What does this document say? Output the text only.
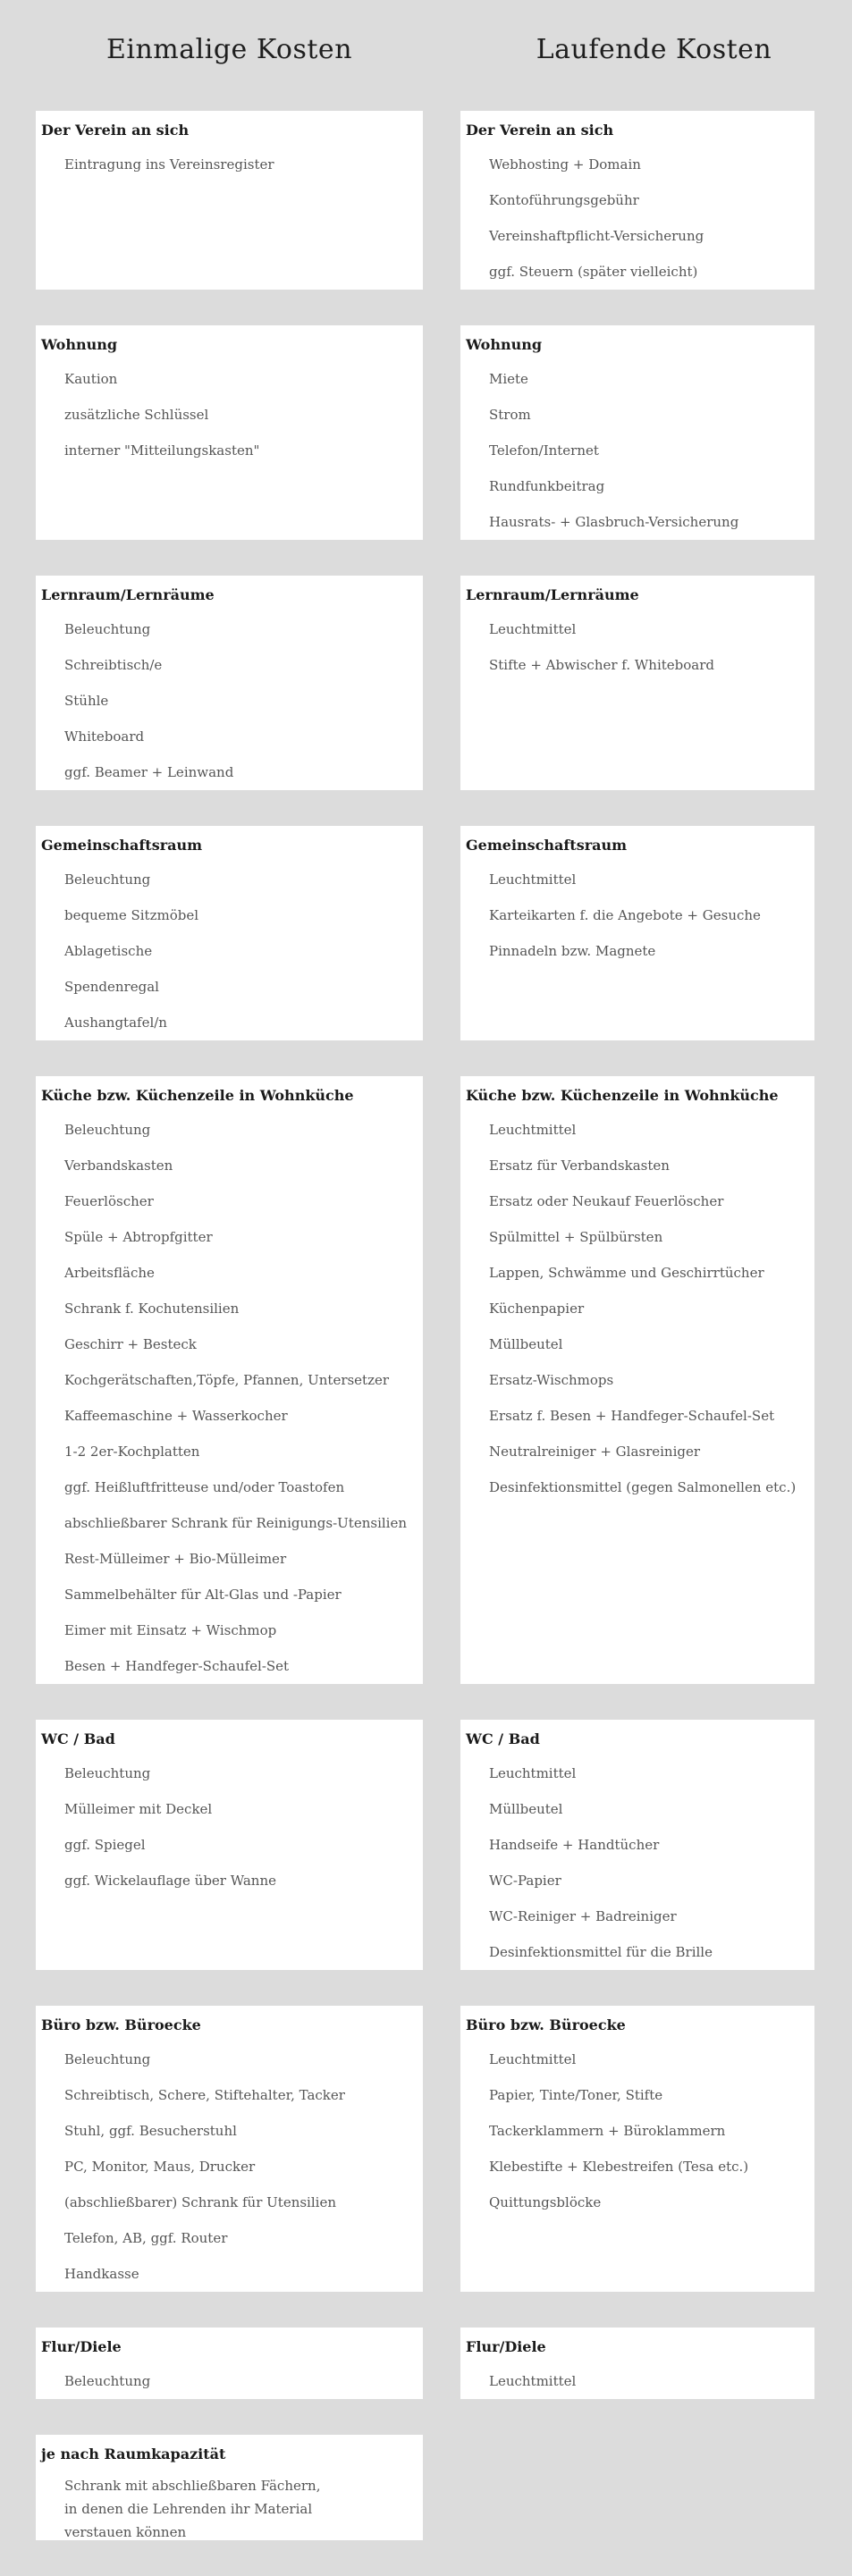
Einmalige Kosten	Laufende Kosten
Der Verein an sich
Eintragung ins Vereinsregister
Der Verein an sich
Webhosting + Domain
Kontoführungsgebühr
Vereinshaftpflicht-Versicherung
ggf. Steuern (später vielleicht)
Wohnung
Kaution
zusätzliche Schlüssel
interner "Mitteilungskasten"
Wohnung
Miete
Strom
Telefon/Internet
Rundfunkbeitrag
Hausrats- + Glasbruch-Versicherung
Lernraum/Lernräume
Beleuchtung
Schreibtisch/e
Stühle
Whiteboard
ggf. Beamer + Leinwand
Lernraum/Lernräume
Leuchtmittel
Stifte + Abwischer f. Whiteboard
Gemeinschaftsraum
Beleuchtung
bequeme Sitzmöbel
Ablagetische
Spendenregal
Aushangtafel/n
Gemeinschaftsraum
Leuchtmittel
Karteikarten f. die Angebote + Gesuche
Pinnadeln bzw. Magnete
Küche bzw. Küchenzeile in Wohnküche
Beleuchtung
Verbandskasten
Feuerlöscher
Spüle + Abtropfgitter
Arbeitsfläche
Schrank f. Kochutensilien
Geschirr + Besteck
Kochgerätschaften,Töpfe, Pfannen, Untersetzer
Kaffeemaschine + Wasserkocher
1-2 2er-Kochplatten
ggf. Heißluftfritteuse und/oder Toastofen
abschließbarer Schrank für Reinigungs-Utensilien
Rest-Mülleimer + Bio-Mülleimer
Sammelbehälter für Alt-Glas und -Papier
Eimer mit Einsatz + Wischmop
Besen + Handfeger-Schaufel-Set
Küche bzw. Küchenzeile in Wohnküche
Leuchtmittel
Ersatz für Verbandskasten
Ersatz oder Neukauf Feuerlöscher
Spülmittel + Spülbürsten
Lappen, Schwämme und Geschirrtücher
Küchenpapier
Müllbeutel
Ersatz-Wischmops
Ersatz f. Besen + Handfeger-Schaufel-Set
Neutralreiniger + Glasreiniger
Desinfektionsmittel (gegen Salmonellen etc.)
WC / Bad
Beleuchtung
Mülleimer mit Deckel
ggf. Spiegel
ggf. Wickelauflage über Wanne
WC / Bad
Leuchtmittel
Müllbeutel
Handseife + Handtücher
WC-Papier
WC-Reiniger + Badreiniger
Desinfektionsmittel für die Brille
Büro bzw. Büroecke
Beleuchtung
Schreibtisch, Schere, Stiftehalter, Tacker
Stuhl, ggf. Besucherstuhl
PC, Monitor, Maus, Drucker
(abschließbarer) Schrank für Utensilien
Telefon, AB, ggf. Router
Handkasse
Büro bzw. Büroecke
Leuchtmittel
Papier, Tinte/Toner, Stifte
Tackerklammern + Büroklammern
Klebestifte + Klebestreifen (Tesa etc.)
Quittungsblöcke
Flur/Diele
Beleuchtung
Flur/Diele
Leuchtmittel
je nach Raumkapazität
Schrank mit abschließbaren Fächern,
in denen die Lehrenden ihr Material
verstauen können
